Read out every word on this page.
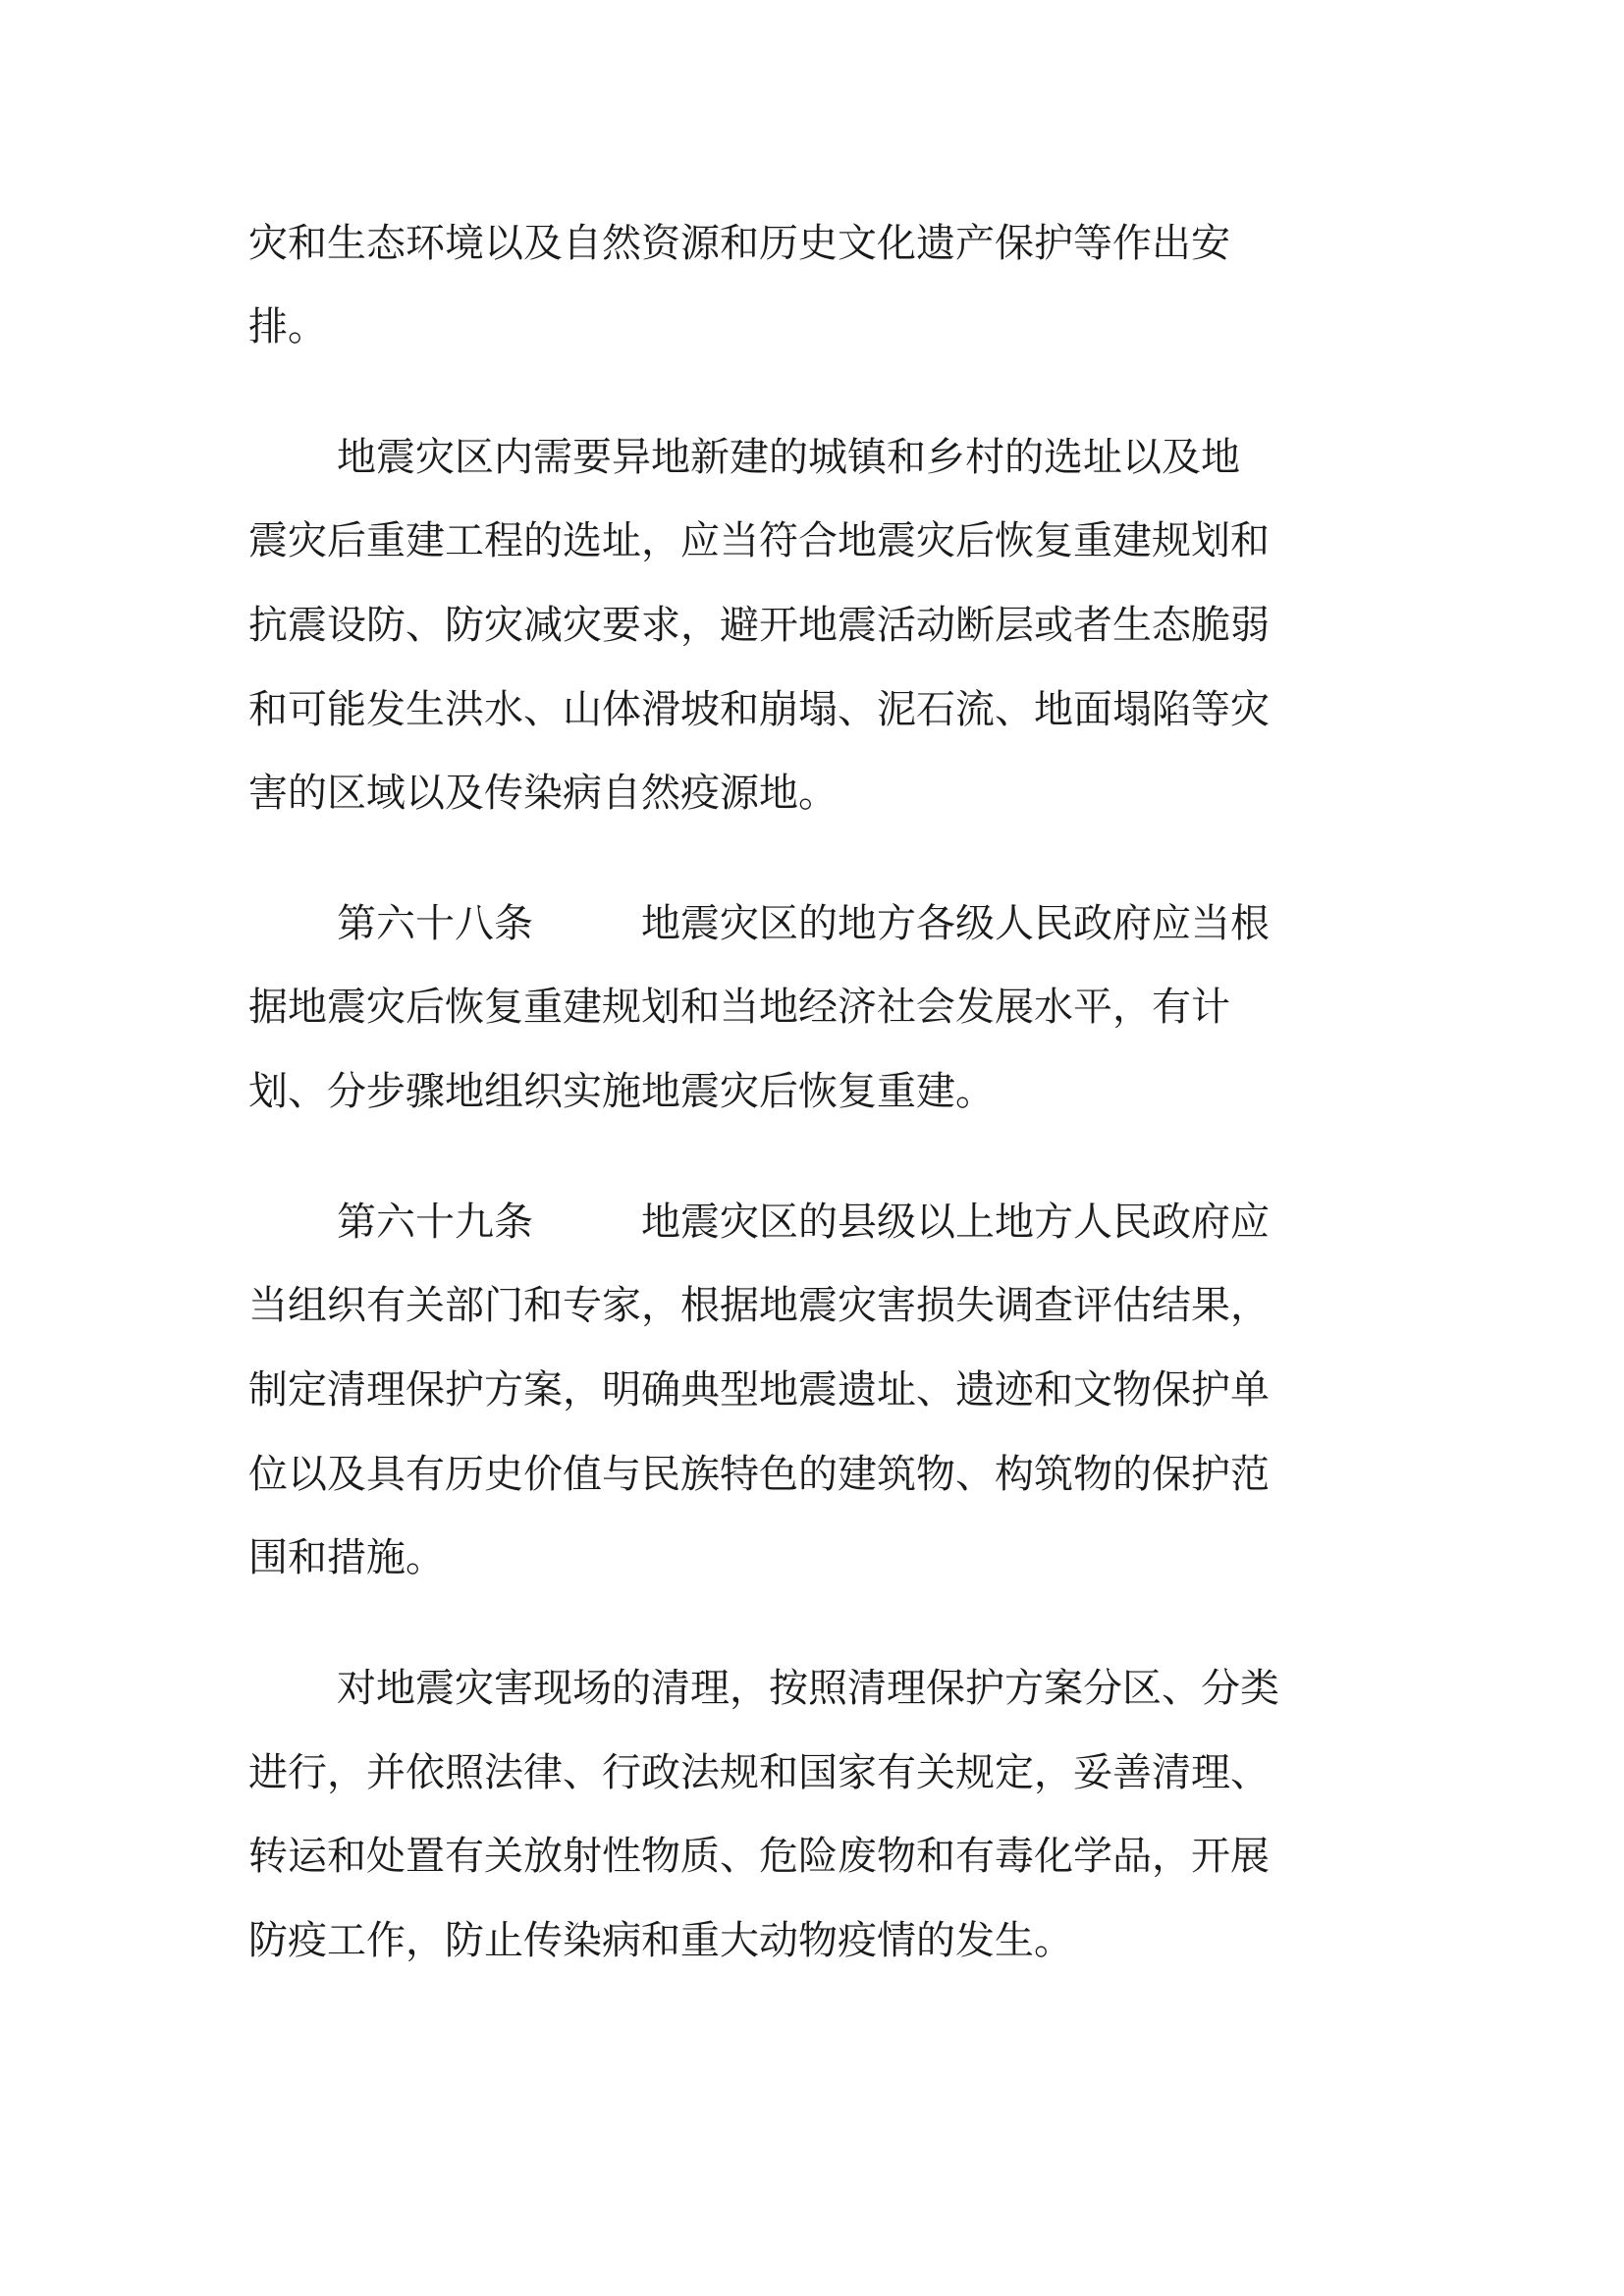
灾和生态环境以及自然资源和历史文化遗产保护等作出安

排。

地震灾区内需要异地新建的城镇和乡村的选址以及地

震灾后重建工程的选址，应当符合地震灾后恢复重建规划和

抗震设防、防灾减灾要求，避开地震活动断层或者生态脆弱

和可能发生洪水、山体滑坡和崩塌、泥石流、地面塌陷等灾

害的区域以及传染病自然疫源地。

第六十八条	地震灾区的地方各级人民政府应当根

据地震灾后恢复重建规划和当地经济社会发展水平，有计

划、分步骤地组织实施地震灾后恢复重建。

第六十九条	地震灾区的县级以上地方人民政府应

当组织有关部门和专家，根据地震灾害损失调查评估结果，

制定清理保护方案，明确典型地震遗址、遗迹和文物保护单

位以及具有历史价值与民族特色的建筑物、构筑物的保护范

围和措施。

对地震灾害现场的清理，按照清理保护方案分区、分类

进行，并依照法律、行政法规和国家有关规定，妥善清理、

转运和处置有关放射性物质、危险废物和有毒化学品，开展

防疫工作，防止传染病和重大动物疫情的发生。
